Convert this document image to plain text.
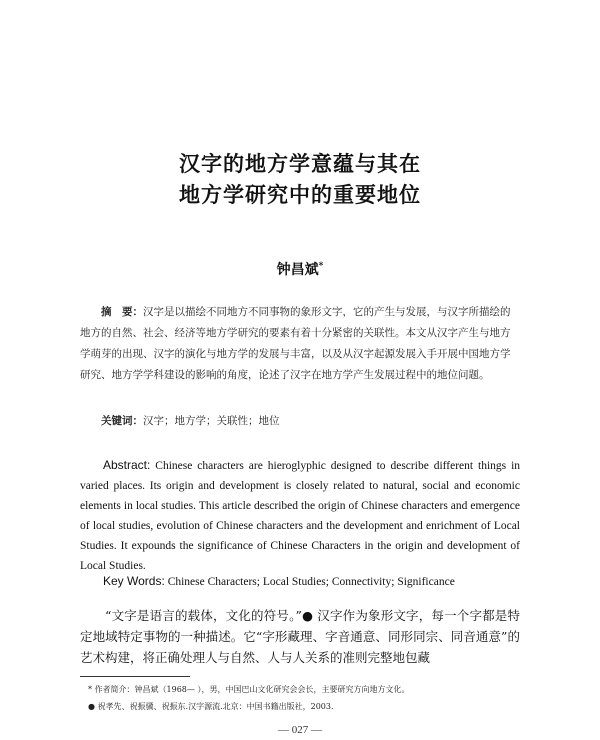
汉字的地方学意蕴与其在
地方学研究中的重要地位
钟昌斌*
摘　要：汉字是以描绘不同地方不同事物的象形文字，它的产生与发展，与汉字所描绘的地方的自然、社会、经济等地方学研究的要素有着十分紧密的关联性。本文从汉字产生与地方学萌芽的出现、汉字的演化与地方学的发展与丰富，以及从汉字起源发展入手开展中国地方学研究、地方学学科建设的影响的角度，论述了汉字在地方学产生发展过程中的地位问题。
关键词：汉字；地方学；关联性；地位
Abstract: Chinese characters are hieroglyphic designed to describe different things in varied places. Its origin and development is closely related to natural, social and economic elements in local studies. This article described the origin of Chinese characters and emergence of local studies, evolution of Chinese characters and the development and enrichment of Local Studies. It expounds the significance of Chinese Characters in the origin and development of Local Studies.
Key Words: Chinese Characters; Local Studies; Connectivity; Significance
“文字是语言的载体，文化的符号。”● 汉字作为象形文字，每一个字都是特定地域特定事物的一种描述。它“字形藏理、字音通意、同形同宗、同音通意”的艺术构建，将正确处理人与自然、人与人关系的准则完整地包藏
* 作者简介：钟昌斌（1968— ），男，中国巴山文化研究会会长，主要研究方向地方文化。
● 祝孝先、祝振骥、祝振东.汉字源流.北京：中国书籍出版社，2003.
— 027 —
